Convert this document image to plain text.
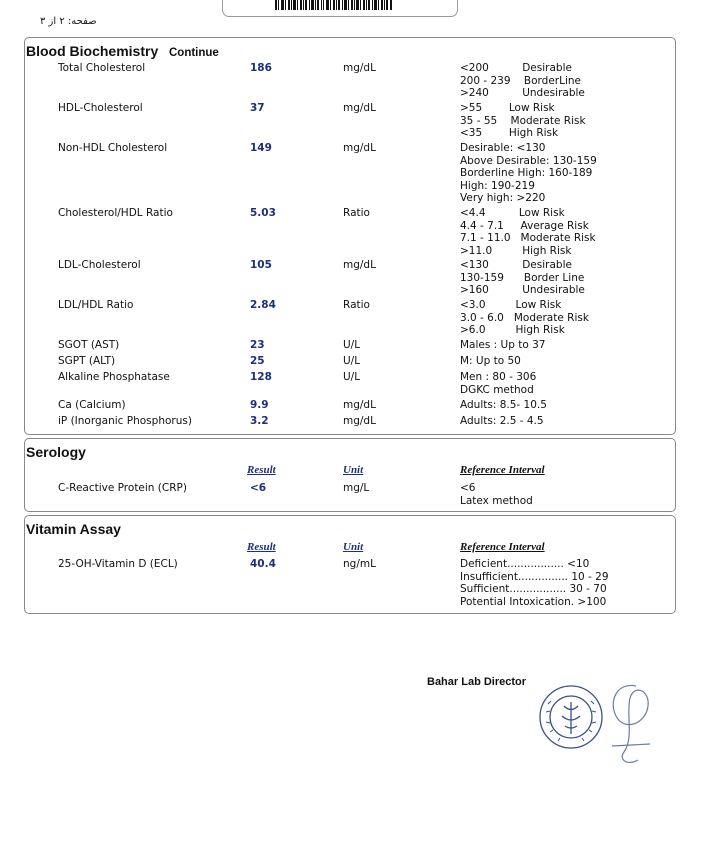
صفحه: ۲ از ۳
Blood Biochemistry Continue
Total Cholesterol	186	mg/dL	<200          Desirable
200 - 239    BorderLine
>240          Undesirable
HDL-Cholesterol	37	mg/dL	>55        Low Risk
35 - 55    Moderate Risk
<35        High Risk
Non-HDL Cholesterol	149	mg/dL	Desirable: <130
Above Desirable: 130-159
Borderline High: 160-189
High: 190-219
Very high: >220
Cholesterol/HDL Ratio	5.03	Ratio	<4.4          Low Risk
4.4 - 7.1     Average Risk
7.1 - 11.0   Moderate Risk
>11.0         High Risk
LDL-Cholesterol	105	mg/dL	<130          Desirable
130-159      Border Line
>160          Undesirable
LDL/HDL Ratio	2.84	Ratio	<3.0         Low Risk
3.0 - 6.0   Moderate Risk
>6.0         High Risk
SGOT (AST)	23	U/L	Males : Up to 37
SGPT (ALT)	25	U/L	M: Up to 50
Alkaline Phosphatase	128	U/L	Men : 80 - 306
DGKC method
Ca (Calcium)	9.9	mg/dL	Adults: 8.5- 10.5
iP (Inorganic Phosphorus)	3.2	mg/dL	Adults: 2.5 - 4.5
Serology
Result	Unit	Reference Interval
C-Reactive Protein (CRP)	<6	mg/L	<6
Latex method
Vitamin Assay
Result	Unit	Reference Interval
25-OH-Vitamin D (ECL)	40.4	ng/mL	Deficient................. <10
Insufficient............... 10 - 29
Sufficient................. 30 - 70
Potential Intoxication. >100
Bahar Lab Director
